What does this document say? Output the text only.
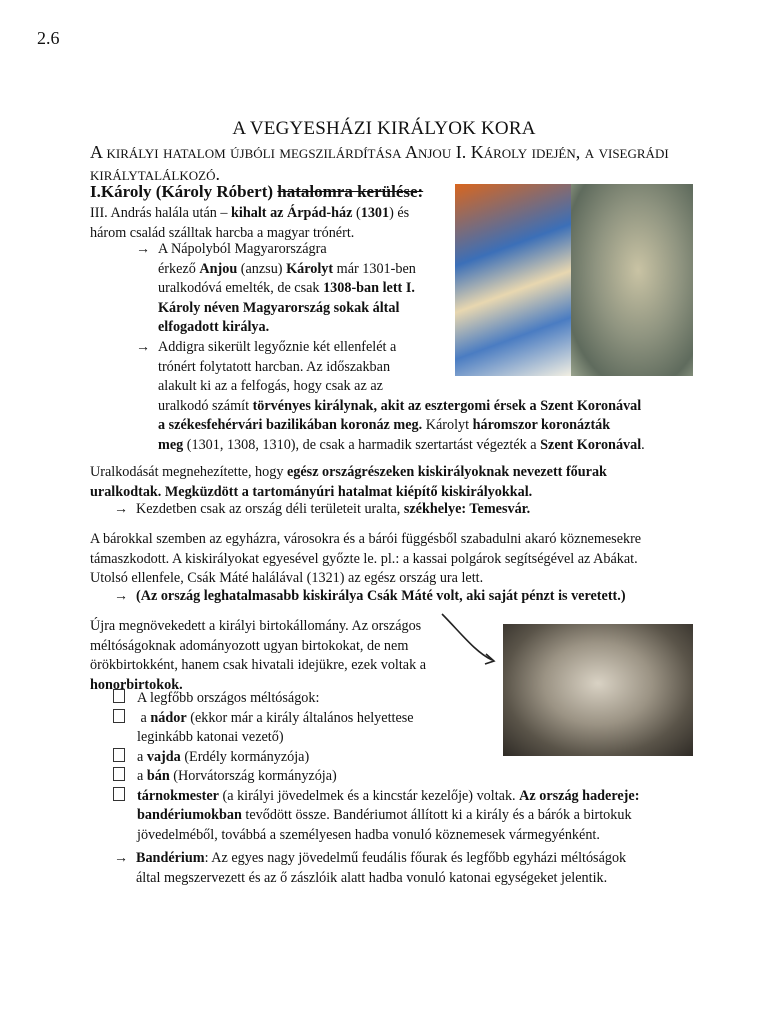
2.6
A VEGYESHÁZI KIRÁLYOK KORA
A királyi hatalom újbóli megszilárdítása Anjou I. Károly idején, a visegrádi királytalálkozó.
I.Károly (Károly Róbert) hatalomra kerülése:
III. András halála után – kihalt az Árpád-ház (1301) és
három család szálltak harcba a magyar trónért.
→ A Nápolyból Magyarországra
érkező Anjou (anzsu) Károlyt már 1301-ben
uralkodóvá emelték, de csak 1308-ban lett I.
Károly néven Magyarország sokak által
elfogadott királya.
→ Addigra sikerült legyőznie két ellenfelét a
trónért folytatott harcban. Az időszakban
alakult ki az a felfogás, hogy csak az az
uralkodó számít törvényes királynak, akit az esztergomi érsek a Szent Koronával
a székesfehérvári bazilikában koronáz meg. Károlyt háromszor koronázták
meg (1301, 1308, 1310), de csak a harmadik szertartást végezték a Szent Koronával.
Uralkodását megnehezítette, hogy egész országrészeken kiskirályoknak nevezett főurak
uralkodtak. Megküzdött a tartományúri hatalmat kiépítő kiskirályokkal.
→ Kezdetben csak az ország déli területeit uralta, székhelye: Temesvár.
A bárokkal szemben az egyházra, városokra és a bárói függésből szabadulni akaró köznemesekre
támaszkodott. A kiskirályokat egyesével győzte le. pl.: a kassai polgárok segítségével az Abákat.
Utolsó ellenfele, Csák Máté halálával (1321) az egész ország ura lett.
→ (Az ország leghatalmasabb kiskirálya Csák Máté volt, aki saját pénzt is veretett.)
Újra megnövekedett a királyi birtokállomány. Az országos
méltóságoknak adományozott ugyan birtokokat, de nem
örökbirtokként, hanem csak hivatali idejükre, ezek voltak a
honorbirtokok.
A legfőbb országos méltóságok:
a nádor (ekkor már a király általános helyettese
leginkább katonai vezető)
a vajda (Erdély kormányzója)
a bán (Horvátország kormányzója)
tárnokmester (a királyi jövedelmek és a kincstár kezelője) voltak. Az ország hadereje:
bandériumokban tevődött össze. Bandériumot állított ki a király és a bárók a birtokuk
jövedelméből, továbbá a személyesen hadba vonuló köznemesek vármegyénként.
→ Bandérium: Az egyes nagy jövedelmű feudális főurak és legfőbb egyházi méltóságok
által megszervezett és az ő zászlóik alatt hadba vonuló katonai egységeket jelentik.
